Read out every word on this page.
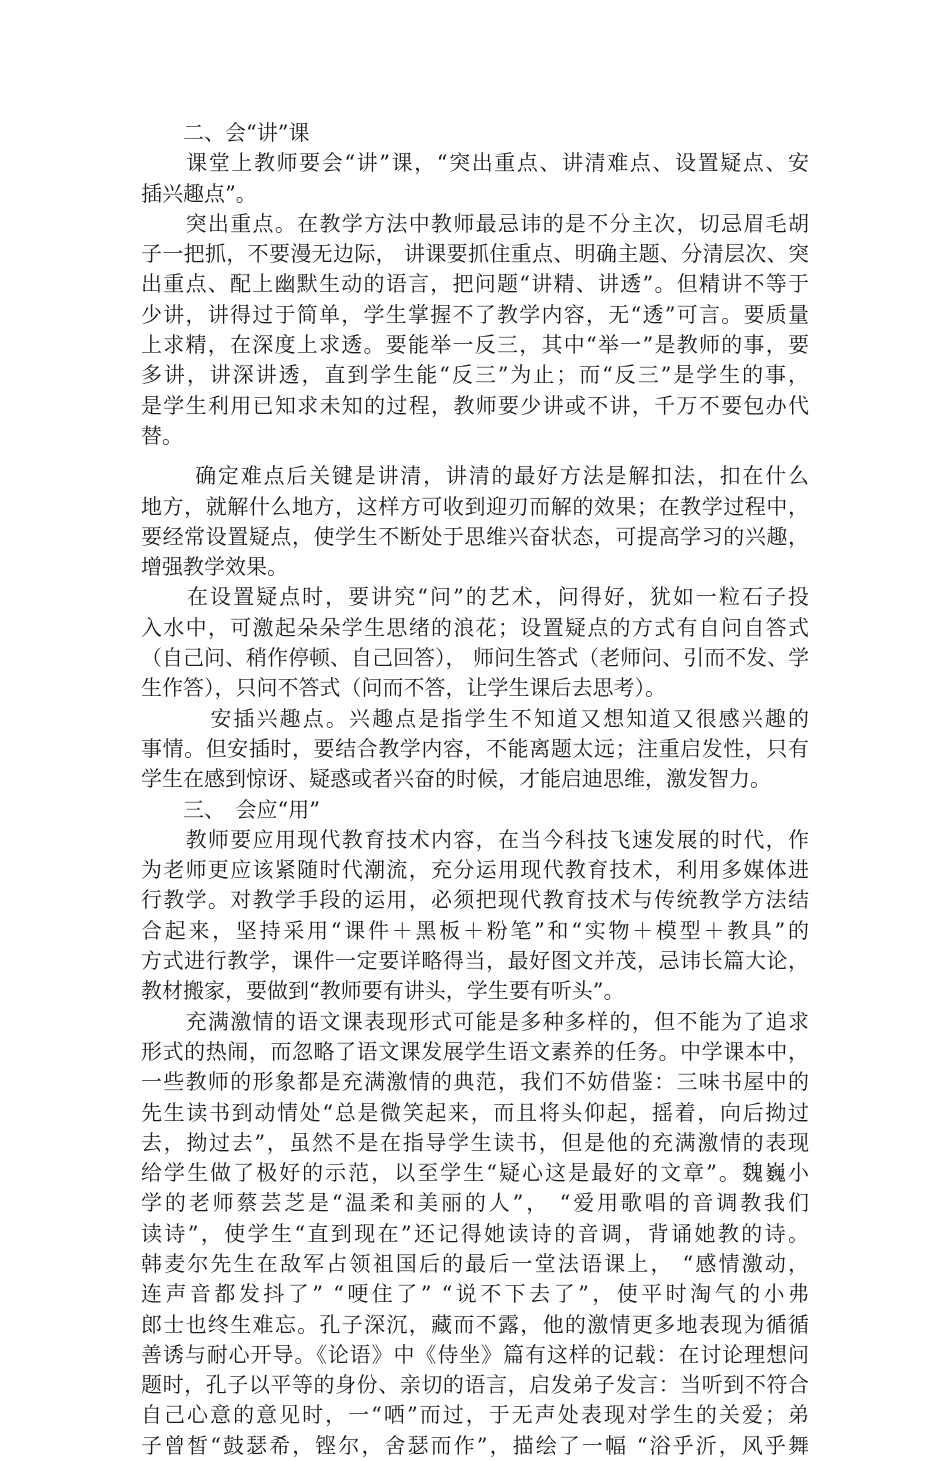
　　二、会“讲”课
　　课堂上教师要会“讲”课，“突出重点、讲清难点、设置疑点、安
插兴趣点”。
　　突出重点。在教学方法中教师最忌讳的是不分主次，切忌眉毛胡
子一把抓，不要漫无边际， 讲课要抓住重点、明确主题、分清层次、突
出重点、配上幽默生动的语言，把问题“讲精、讲透”。但精讲不等于
少讲，讲得过于简单，学生掌握不了教学内容，无“透”可言。要质量
上求精，在深度上求透。要能举一反三，其中“举一”是教师的事，要
多讲，讲深讲透，直到学生能“反三”为止；而“反三”是学生的事，
是学生利用已知求未知的过程，教师要少讲或不讲，千万不要包办代
替。
　　 确定难点后关键是讲清，讲清的最好方法是解扣法，扣在什么
地方，就解什么地方，这样方可收到迎刃而解的效果；在教学过程中，
要经常设置疑点，使学生不断处于思维兴奋状态，可提高学习的兴趣，
增强教学效果。
　　在设置疑点时，要讲究“问”的艺术，问得好，犹如一粒石子投
入水中，可激起朵朵学生思绪的浪花；设置疑点的方式有自问自答式
（自己问、稍作停顿、自己回答）， 师问生答式（老师问、引而不发、学
生作答），只问不答式（问而不答，让学生课后去思考）。
　　　安插兴趣点。兴趣点是指学生不知道又想知道又很感兴趣的
事情。但安插时，要结合教学内容，不能离题太远；注重启发性，只有
学生在感到惊讶、疑惑或者兴奋的时候，才能启迪思维，激发智力。
　　三、　会应“用”
　　教师要应用现代教育技术内容，在当今科技飞速发展的时代，作
为老师更应该紧随时代潮流，充分运用现代教育技术，利用多媒体进
行教学。对教学手段的运用，必须把现代教育技术与传统教学方法结
合起来，坚持采用“课件＋黑板＋粉笔”和“实物＋模型＋教具”的
方式进行教学，课件一定要详略得当，最好图文并茂，忌讳长篇大论，
教材搬家，要做到“教师要有讲头，学生要有听头”。
　　充满激情的语文课表现形式可能是多种多样的，但不能为了追求
形式的热闹，而忽略了语文课发展学生语文素养的任务。中学课本中，
一些教师的形象都是充满激情的典范，我们不妨借鉴：三味书屋中的
先生读书到动情处“总是微笑起来，而且将头仰起，摇着，向后拗过
去，拗过去”，虽然不是在指导学生读书，但是他的充满激情的表现
给学生做了极好的示范，以至学生“疑心这是最好的文章”。魏巍小
学的老师蔡芸芝是“温柔和美丽的人”， “爱用歌唱的音调教我们
读诗”，使学生“直到现在”还记得她读诗的音调，背诵她教的诗。
韩麦尔先生在敌军占领祖国后的最后一堂法语课上， “感情激动，
连声音都发抖了” “哽住了” “说不下去了”，使平时淘气的小弗
郎士也终生难忘。孔子深沉，藏而不露，他的激情更多地表现为循循
善诱与耐心开导。《论语》中《侍坐》篇有这样的记载：在讨论理想问
题时，孔子以平等的身份、亲切的语言，启发弟子发言：当听到不符合
自己心意的意见时，一“哂”而过，于无声处表现对学生的关爱；弟
子曾皙“鼓瑟希，铿尔，舍瑟而作”，描绘了一幅 “浴乎沂，风乎舞
